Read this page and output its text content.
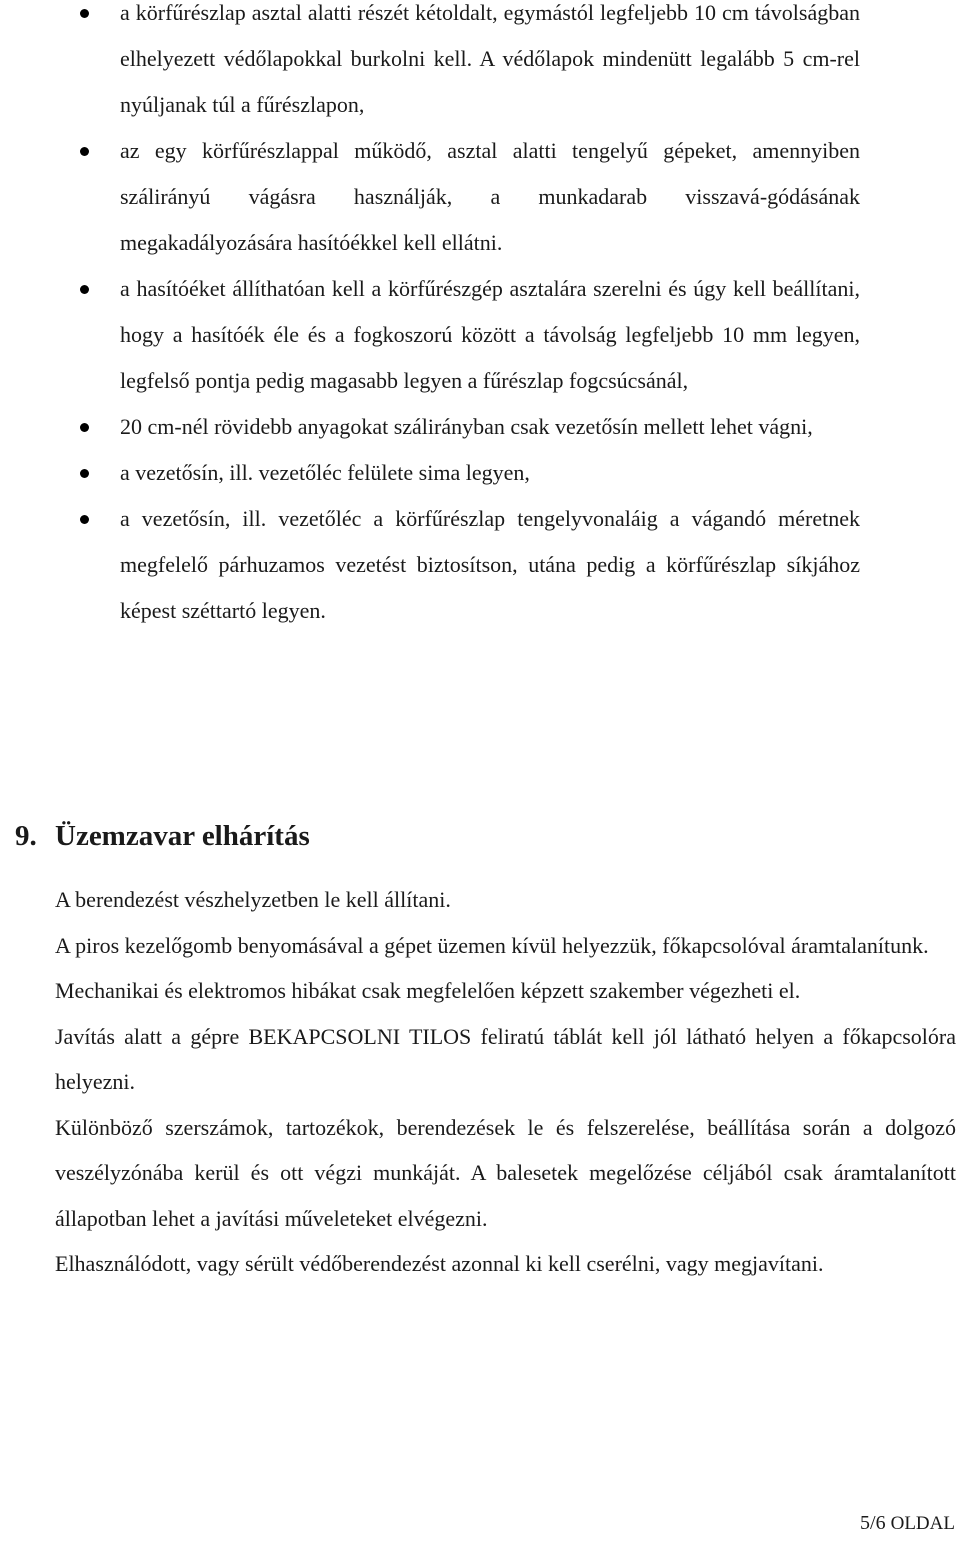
a körfűrészlap asztal alatti részét kétoldalt, egymástól legfeljebb 10 cm távolságban elhelyezett védőlapokkal burkolni kell. A védőlapok mindenütt legalább 5 cm-rel nyúljanak túl a fűrészlapon,
az egy körfűrészlappal működő, asztal alatti tengelyű gépeket, amennyiben szálirányú vágásra használják, a munkadarab visszavá-gódásának megakadályozására hasítóékkel kell ellátni.
a hasítóéket állíthatóan kell a körfűrészgép asztalára szerelni és úgy kell beállítani, hogy a hasítóék éle és a fogkoszorú között a távolság legfeljebb 10 mm legyen, legfelső pontja pedig magasabb legyen a fűrészlap fogcsúcsánál,
20 cm-nél rövidebb anyagokat szálirányban csak vezetősín mellett lehet vágni,
a vezetősín, ill. vezetőléc felülete sima legyen,
a vezetősín, ill. vezetőléc a körfűrészlap tengelyvonaláig a vágandó méretnek megfelelő párhuzamos vezetést biztosítson, utána pedig a körfűrészlap síkjához képest széttartó legyen.
9. Üzemzavar elhárítás

A berendezést vészhelyzetben le kell állítani.

A piros kezelőgomb benyomásával a gépet üzemen kívül helyezzük, főkapcsolóval áramtalanítunk.

Mechanikai és elektromos hibákat csak megfelelően képzett szakember végezheti el.

Javítás alatt a gépre BEKAPCSOLNI TILOS feliratú táblát kell jól látható helyen a főkapcsolóra helyezni.

Különböző szerszámok, tartozékok, berendezések le és felszerelése, beállítása során a dolgozó veszélyzónába kerül és ott végzi munkáját. A balesetek megelőzése céljából csak áramtalanított állapotban lehet a javítási műveleteket elvégezni.

Elhasználódott, vagy sérült védőberendezést azonnal ki kell cserélni, vagy megjavítani.

5/6 OLDAL
